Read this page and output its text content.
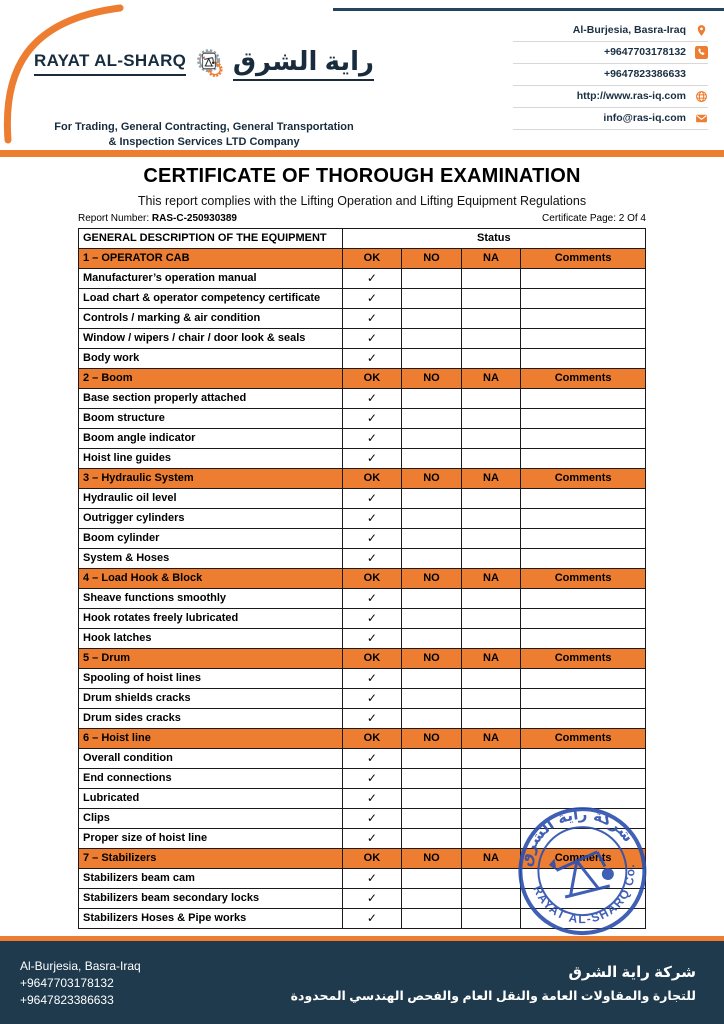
RAYAT AL-SHARQ راية الشرق
For Trading, General Contracting, General Transportation
& Inspection Services LTD Company
Al-Burjesia, Basra-Iraq
+9647703178132
+9647823386633
http://www.ras-iq.com
info@ras-iq.com
CERTIFICATE OF THOROUGH EXAMINATION
This report complies with the Lifting Operation and Lifting Equipment Regulations
Report Number: RAS-C-250930389	Certificate Page: 2 Of 4
GENERAL DESCRIPTION OF THE EQUIPMENT	Status			
1 – OPERATOR CAB	OK	NO	NA	Comments
Manufacturer’s operation manual	✓			
Load chart & operator competency certificate	✓			
Controls / marking & air condition	✓			
Window / wipers / chair / door look & seals	✓			
Body work	✓			
2 – Boom	OK	NO	NA	Comments
Base section properly attached	✓			
Boom structure	✓			
Boom angle indicator	✓			
Hoist line guides	✓			
3 – Hydraulic System	OK	NO	NA	Comments
Hydraulic oil level	✓			
Outrigger cylinders	✓			
Boom cylinder	✓			
System & Hoses	✓			
4 – Load Hook & Block	OK	NO	NA	Comments
Sheave functions smoothly	✓			
Hook rotates freely lubricated	✓			
Hook latches	✓			
5 – Drum	OK	NO	NA	Comments
Spooling of hoist lines	✓			
Drum shields cracks	✓			
Drum sides cracks	✓			
6 – Hoist line	OK	NO	NA	Comments
Overall condition	✓			
End connections	✓			
Lubricated	✓			
Clips	✓			
Proper size of hoist line	✓			
7 – Stabilizers	OK	NO	NA	Comments
Stabilizers beam cam	✓			
Stabilizers beam secondary locks	✓			
Stabilizers Hoses & Pipe works	✓			
شركة راية الشرق
RAYAT AL-SHARQ Co.
Al-Burjesia, Basra-Iraq
+9647703178132
+9647823386633
شركة راية الشرق
للتجارة والمقاولات العامة والنقل العام والفحص الهندسي المحدودة
